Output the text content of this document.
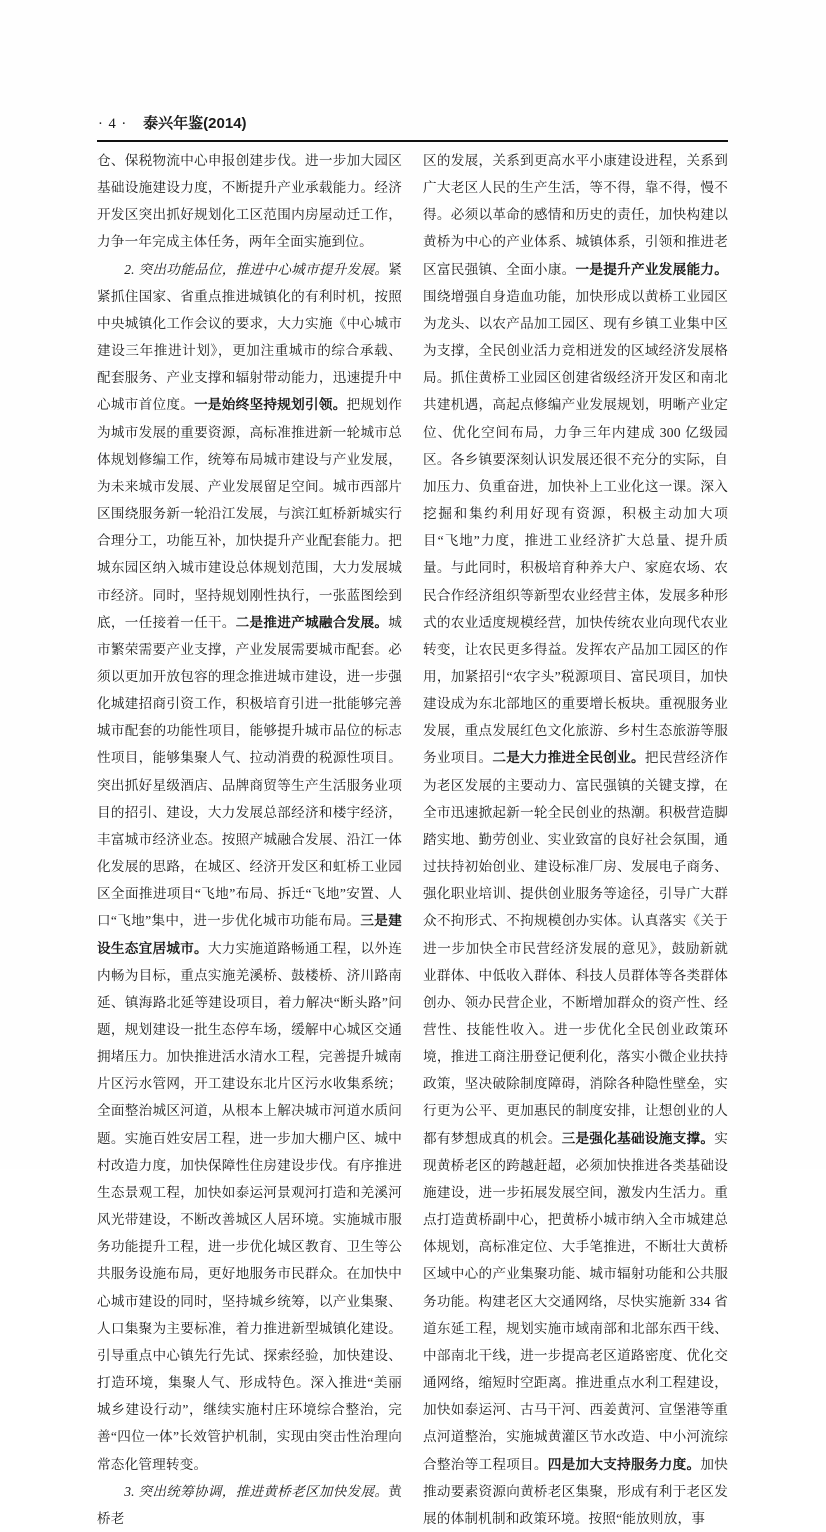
· 4 · 泰兴年鉴(2014)

仓、保税物流中心申报创建步伐。进一步加大园区基础设施建设力度，不断提升产业承载能力。经济开发区突出抓好规划化工区范围内房屋动迁工作，力争一年完成主体任务，两年全面实施到位。

2. 突出功能品位，推进中心城市提升发展。紧紧抓住国家、省重点推进城镇化的有利时机，按照中央城镇化工作会议的要求，大力实施《中心城市建设三年推进计划》，更加注重城市的综合承载、配套服务、产业支撑和辐射带动能力，迅速提升中心城市首位度。一是始终坚持规划引领。把规划作为城市发展的重要资源，高标准推进新一轮城市总体规划修编工作，统筹布局城市建设与产业发展，为未来城市发展、产业发展留足空间。城市西部片区围绕服务新一轮沿江发展，与滨江虹桥新城实行合理分工，功能互补，加快提升产业配套能力。把城东园区纳入城市建设总体规划范围，大力发展城市经济。同时，坚持规划刚性执行，一张蓝图绘到底，一任接着一任干。二是推进产城融合发展。城市繁荣需要产业支撑，产业发展需要城市配套。必须以更加开放包容的理念推进城市建设，进一步强化城建招商引资工作，积极培育引进一批能够完善城市配套的功能性项目，能够提升城市品位的标志性项目，能够集聚人气、拉动消费的税源性项目。突出抓好星级酒店、品牌商贸等生产生活服务业项目的招引、建设，大力发展总部经济和楼宇经济，丰富城市经济业态。按照产城融合发展、沿江一体化发展的思路，在城区、经济开发区和虹桥工业园区全面推进项目“飞地”布局、拆迁“飞地”安置、人口“飞地”集中，进一步优化城市功能布局。三是建设生态宜居城市。大力实施道路畅通工程，以外连内畅为目标，重点实施羌溪桥、鼓楼桥、济川路南延、镇海路北延等建设项目，着力解决“断头路”问题，规划建设一批生态停车场，缓解中心城区交通拥堵压力。加快推进活水清水工程，完善提升城南片区污水管网，开工建设东北片区污水收集系统；全面整治城区河道，从根本上解决城市河道水质问题。实施百姓安居工程，进一步加大棚户区、城中村改造力度，加快保障性住房建设步伐。有序推进生态景观工程，加快如泰运河景观河打造和羌溪河风光带建设，不断改善城区人居环境。实施城市服务功能提升工程，进一步优化城区教育、卫生等公共服务设施布局，更好地服务市民群众。在加快中心城市建设的同时，坚持城乡统筹，以产业集聚、人口集聚为主要标准，着力推进新型城镇化建设。引导重点中心镇先行先试、探索经验，加快建设、打造环境，集聚人气、形成特色。深入推进“美丽城乡建设行动”，继续实施村庄环境综合整治，完善“四位一体”长效管护机制，实现由突击性治理向常态化管理转变。

3. 突出统筹协调，推进黄桥老区加快发展。黄桥老

区的发展，关系到更高水平小康建设进程，关系到广大老区人民的生产生活，等不得，靠不得，慢不得。必须以革命的感情和历史的责任，加快构建以黄桥为中心的产业体系、城镇体系，引领和推进老区富民强镇、全面小康。一是提升产业发展能力。围绕增强自身造血功能，加快形成以黄桥工业园区为龙头、以农产品加工园区、现有乡镇工业集中区为支撑，全民创业活力竞相迸发的区域经济发展格局。抓住黄桥工业园区创建省级经济开发区和南北共建机遇，高起点修编产业发展规划，明晰产业定位、优化空间布局，力争三年内建成 300 亿级园区。各乡镇要深刻认识发展还很不充分的实际，自加压力、负重奋进，加快补上工业化这一课。深入挖掘和集约利用好现有资源，积极主动加大项目“飞地”力度，推进工业经济扩大总量、提升质量。与此同时，积极培育种养大户、家庭农场、农民合作经济组织等新型农业经营主体，发展多种形式的农业适度规模经营，加快传统农业向现代农业转变，让农民更多得益。发挥农产品加工园区的作用，加紧招引“农字头”税源项目、富民项目，加快建设成为东北部地区的重要增长板块。重视服务业发展，重点发展红色文化旅游、乡村生态旅游等服务业项目。二是大力推进全民创业。把民营经济作为老区发展的主要动力、富民强镇的关键支撑，在全市迅速掀起新一轮全民创业的热潮。积极营造脚踏实地、勤劳创业、实业致富的良好社会氛围，通过扶持初始创业、建设标准厂房、发展电子商务、强化职业培训、提供创业服务等途径，引导广大群众不拘形式、不拘规模创办实体。认真落实《关于进一步加快全市民营经济发展的意见》，鼓励新就业群体、中低收入群体、科技人员群体等各类群体创办、领办民营企业，不断增加群众的资产性、经营性、技能性收入。进一步优化全民创业政策环境，推进工商注册登记便利化，落实小微企业扶持政策，坚决破除制度障碍，消除各种隐性壁垒，实行更为公平、更加惠民的制度安排，让想创业的人都有梦想成真的机会。三是强化基础设施支撑。实现黄桥老区的跨越赶超，必须加快推进各类基础设施建设，进一步拓展发展空间，激发内生活力。重点打造黄桥副中心，把黄桥小城市纳入全市城建总体规划，高标准定位、大手笔推进，不断壮大黄桥区域中心的产业集聚功能、城市辐射功能和公共服务功能。构建老区大交通网络，尽快实施新 334 省道东延工程，规划实施市域南部和北部东西干线、中部南北干线，进一步提高老区道路密度、优化交通网络，缩短时空距离。推进重点水利工程建设，加快如泰运河、古马干河、西姜黄河、宣堡港等重点河道整治，实施城黄灌区节水改造、中小河流综合整治等工程项目。四是加大支持服务力度。加快推动要素资源向黄桥老区集聚，形成有利于老区发展的体制机制和政策环境。按照“能放则放，事
